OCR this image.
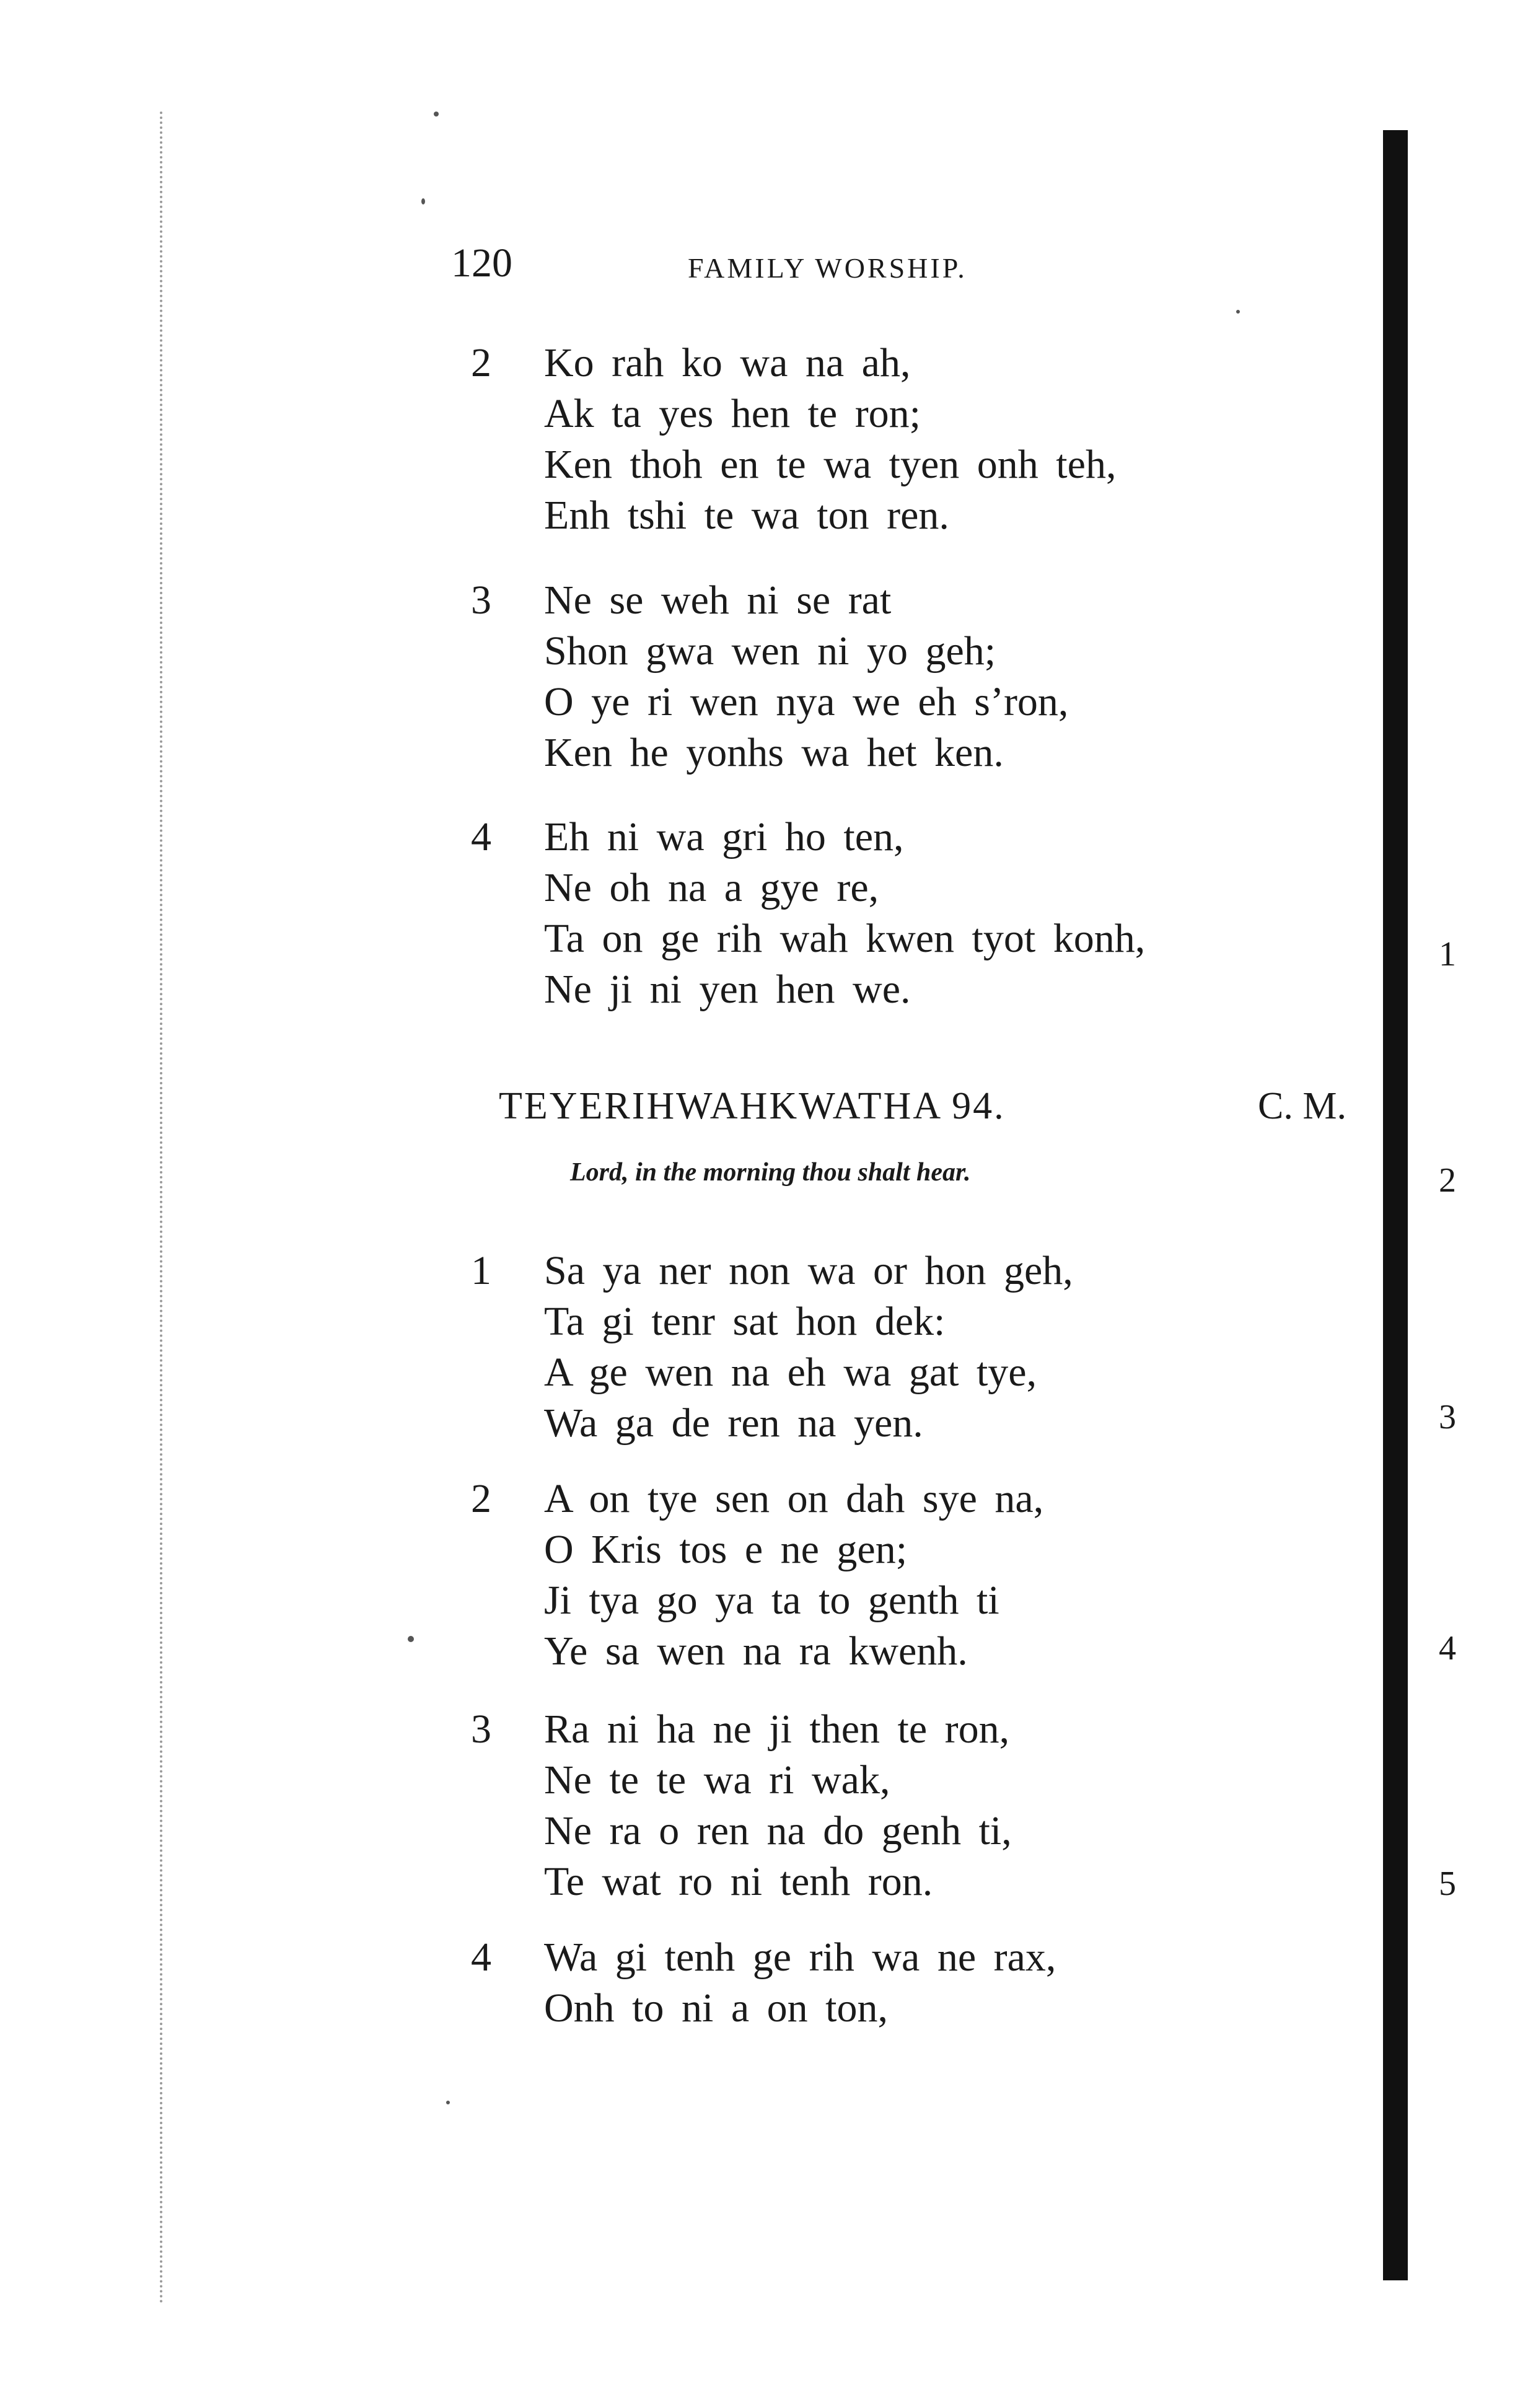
120	FAMILY WORSHIP.
2 Ko rah ko wa na ah,
Ak ta yes hen te ron;
Ken thoh en te wa tyen onh teh,
Enh tshi te wa ton ren.
3 Ne se weh ni se rat
Shon gwa wen ni yo geh;
O ye ri wen nya we eh s’ron,
Ken he yonhs wa het ken.
4 Eh ni wa gri ho ten,
Ne oh na a gye re,
Ta on ge rih wah kwen tyot konh,
Ne ji ni yen hen we.
TEYERIHWAHKWATHA 94.	C. M.
Lord, in the morning thou shalt hear.
1 Sa ya ner non wa or hon geh,
Ta gi tenr sat hon dek:
A ge wen na eh wa gat tye,
Wa ga de ren na yen.
2 A on tye sen on dah sye na,
O Kris tos e ne gen;
Ji tya go ya ta to genth ti
Ye sa wen na ra kwenh.
3 Ra ni ha ne ji then te ron,
Ne te te wa ri wak,
Ne ra o ren na do genh ti,
Te wat ro ni tenh ron.
4 Wa gi tenh ge rih wa ne rax,
Onh to ni a on ton,
1
2
3
4
5
